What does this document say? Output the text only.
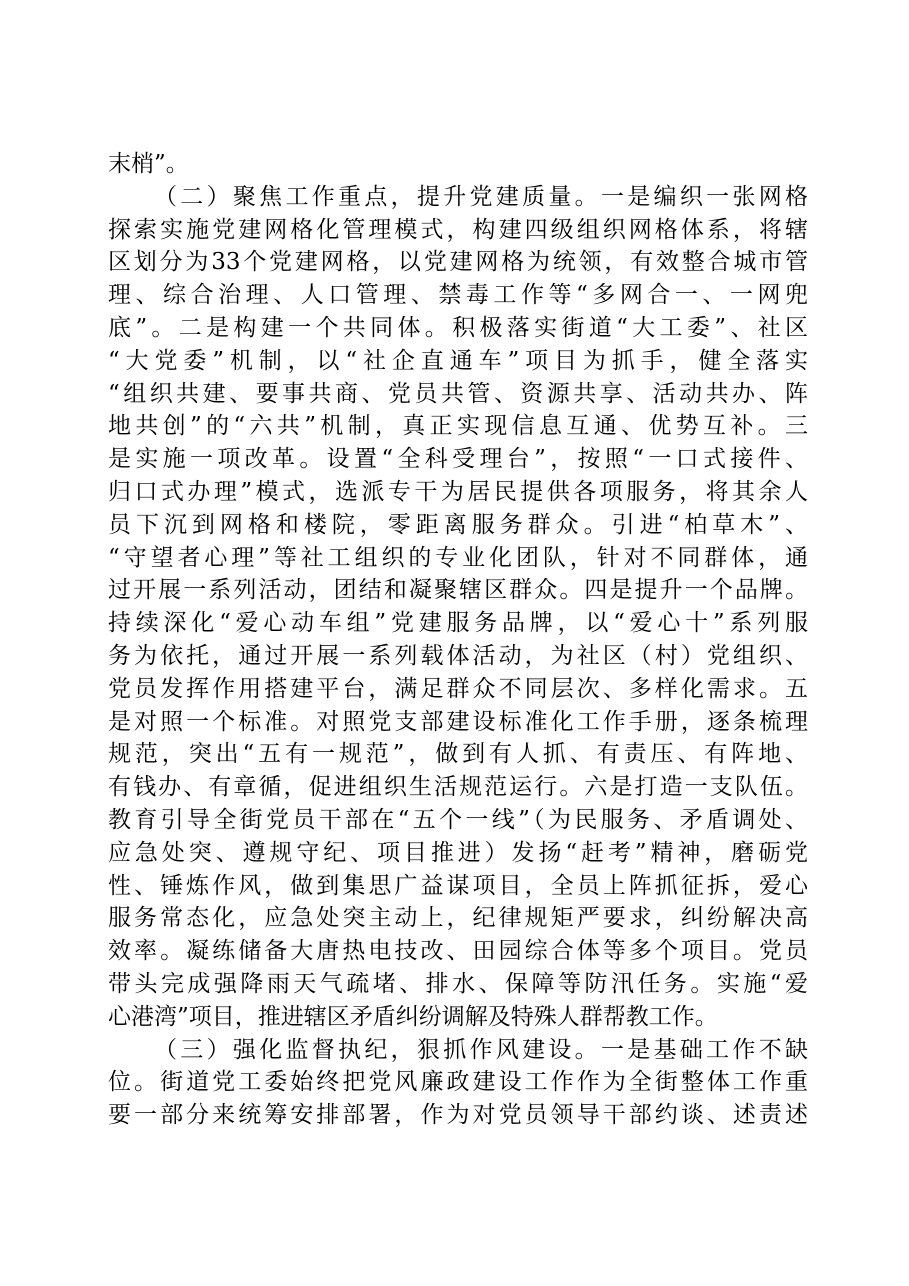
末梢”。
（二）聚焦工作重点，提升党建质量。一是编织一张网格
探索实施党建网格化管理模式，构建四级组织网格体系，将辖
区划分为33个党建网格，以党建网格为统领，有效整合城市管
理、综合治理、人口管理、禁毒工作等“多网合一、一网兜
底”。二是构建一个共同体。积极落实街道“大工委”、社区
“大党委”机制，以“社企直通车”项目为抓手，健全落实
“组织共建、要事共商、党员共管、资源共享、活动共办、阵
地共创”的“六共”机制，真正实现信息互通、优势互补。三
是实施一项改革。设置“全科受理台”，按照“一口式接件、
归口式办理”模式，选派专干为居民提供各项服务，将其余人
员下沉到网格和楼院，零距离服务群众。引进“柏草木”、
“守望者心理”等社工组织的专业化团队，针对不同群体，通
过开展一系列活动，团结和凝聚辖区群众。四是提升一个品牌。
持续深化“爱心动车组”党建服务品牌，以“爱心十”系列服
务为依托，通过开展一系列载体活动，为社区（村）党组织、
党员发挥作用搭建平台，满足群众不同层次、多样化需求。五
是对照一个标准。对照党支部建设标准化工作手册，逐条梳理
规范，突出“五有一规范”，做到有人抓、有责压、有阵地、
有钱办、有章循，促进组织生活规范运行。六是打造一支队伍。
教育引导全街党员干部在“五个一线”（为民服务、矛盾调处、
应急处突、遵规守纪、项目推进）发扬“赶考”精神，磨砺党
性、锤炼作风，做到集思广益谋项目，全员上阵抓征拆，爱心
服务常态化，应急处突主动上，纪律规矩严要求，纠纷解决高
效率。凝练储备大唐热电技改、田园综合体等多个项目。党员
带头完成强降雨天气疏堵、排水、保障等防汛任务。实施“爱
心港湾”项目，推进辖区矛盾纠纷调解及特殊人群帮教工作。
（三）强化监督执纪，狠抓作风建设。一是基础工作不缺
位。街道党工委始终把党风廉政建设工作作为全街整体工作重
要一部分来统筹安排部署，作为对党员领导干部约谈、述责述
